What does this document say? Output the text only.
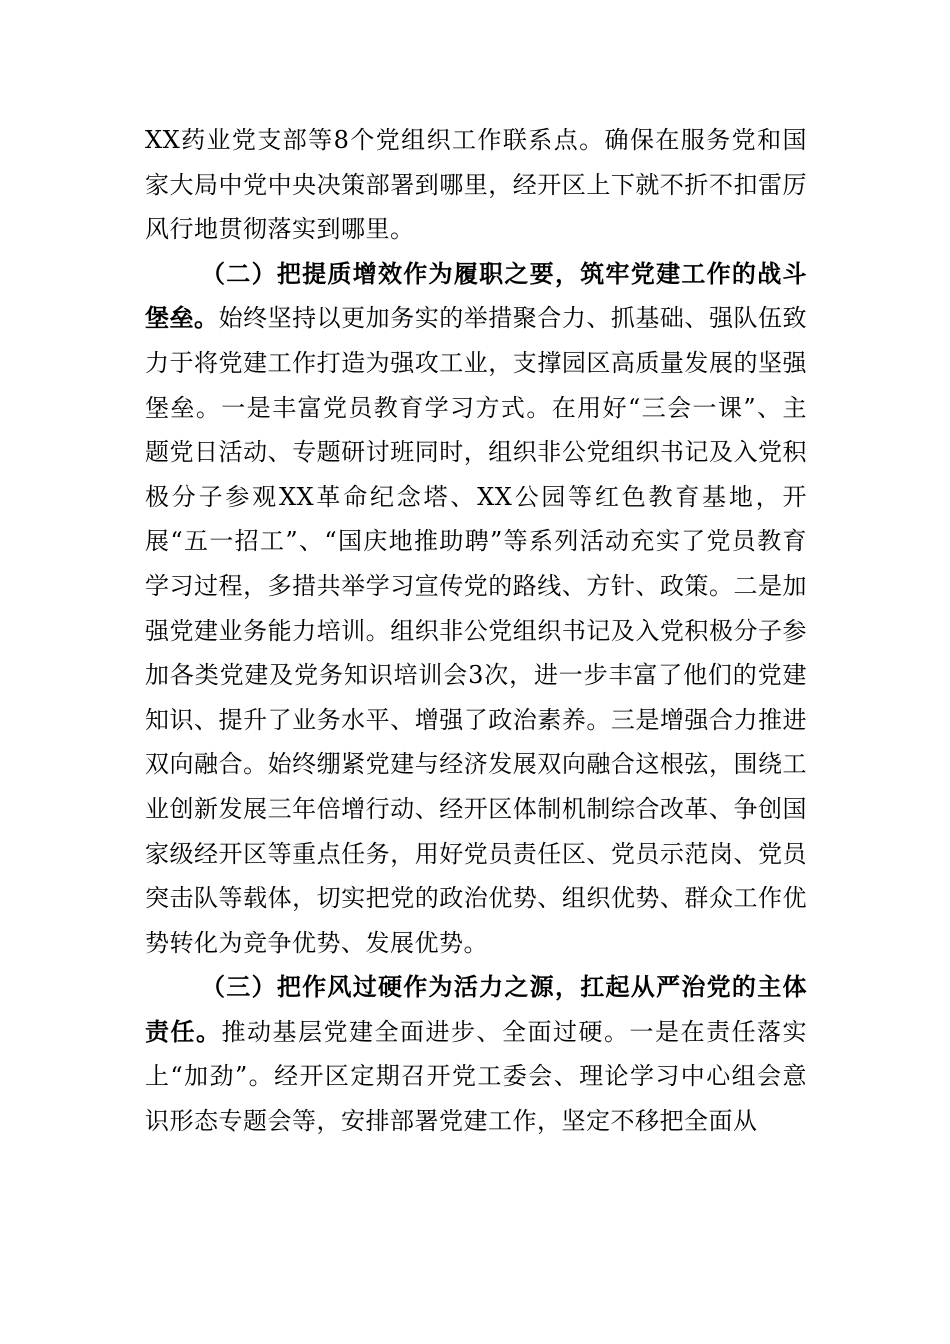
XX药业党支部等8个党组织工作联系点。确保在服务党和国家大局中党中央决策部署到哪里，经开区上下就不折不扣雷厉风行地贯彻落实到哪里。

（二）把提质增效作为履职之要，筑牢党建工作的战斗堡垒。始终坚持以更加务实的举措聚合力、抓基础、强队伍致力于将党建工作打造为强攻工业，支撑园区高质量发展的坚强堡垒。一是丰富党员教育学习方式。在用好“三会一课”、主题党日活动、专题研讨班同时，组织非公党组织书记及入党积极分子参观XX革命纪念塔、XX公园等红色教育基地，开展“五一招工”、“国庆地推助聘”等系列活动充实了党员教育学习过程，多措共举学习宣传党的路线、方针、政策。二是加强党建业务能力培训。组织非公党组织书记及入党积极分子参加各类党建及党务知识培训会3次，进一步丰富了他们的党建知识、提升了业务水平、增强了政治素养。三是增强合力推进双向融合。始终绷紧党建与经济发展双向融合这根弦，围绕工业创新发展三年倍增行动、经开区体制机制综合改革、争创国家级经开区等重点任务，用好党员责任区、党员示范岗、党员突击队等载体，切实把党的政治优势、组织优势、群众工作优势转化为竞争优势、发展优势。

（三）把作风过硬作为活力之源，扛起从严治党的主体责任。推动基层党建全面进步、全面过硬。一是在责任落实上“加劲”。经开区定期召开党工委会、理论学习中心组会意识形态专题会等，安排部署党建工作，坚定不移把全面从
